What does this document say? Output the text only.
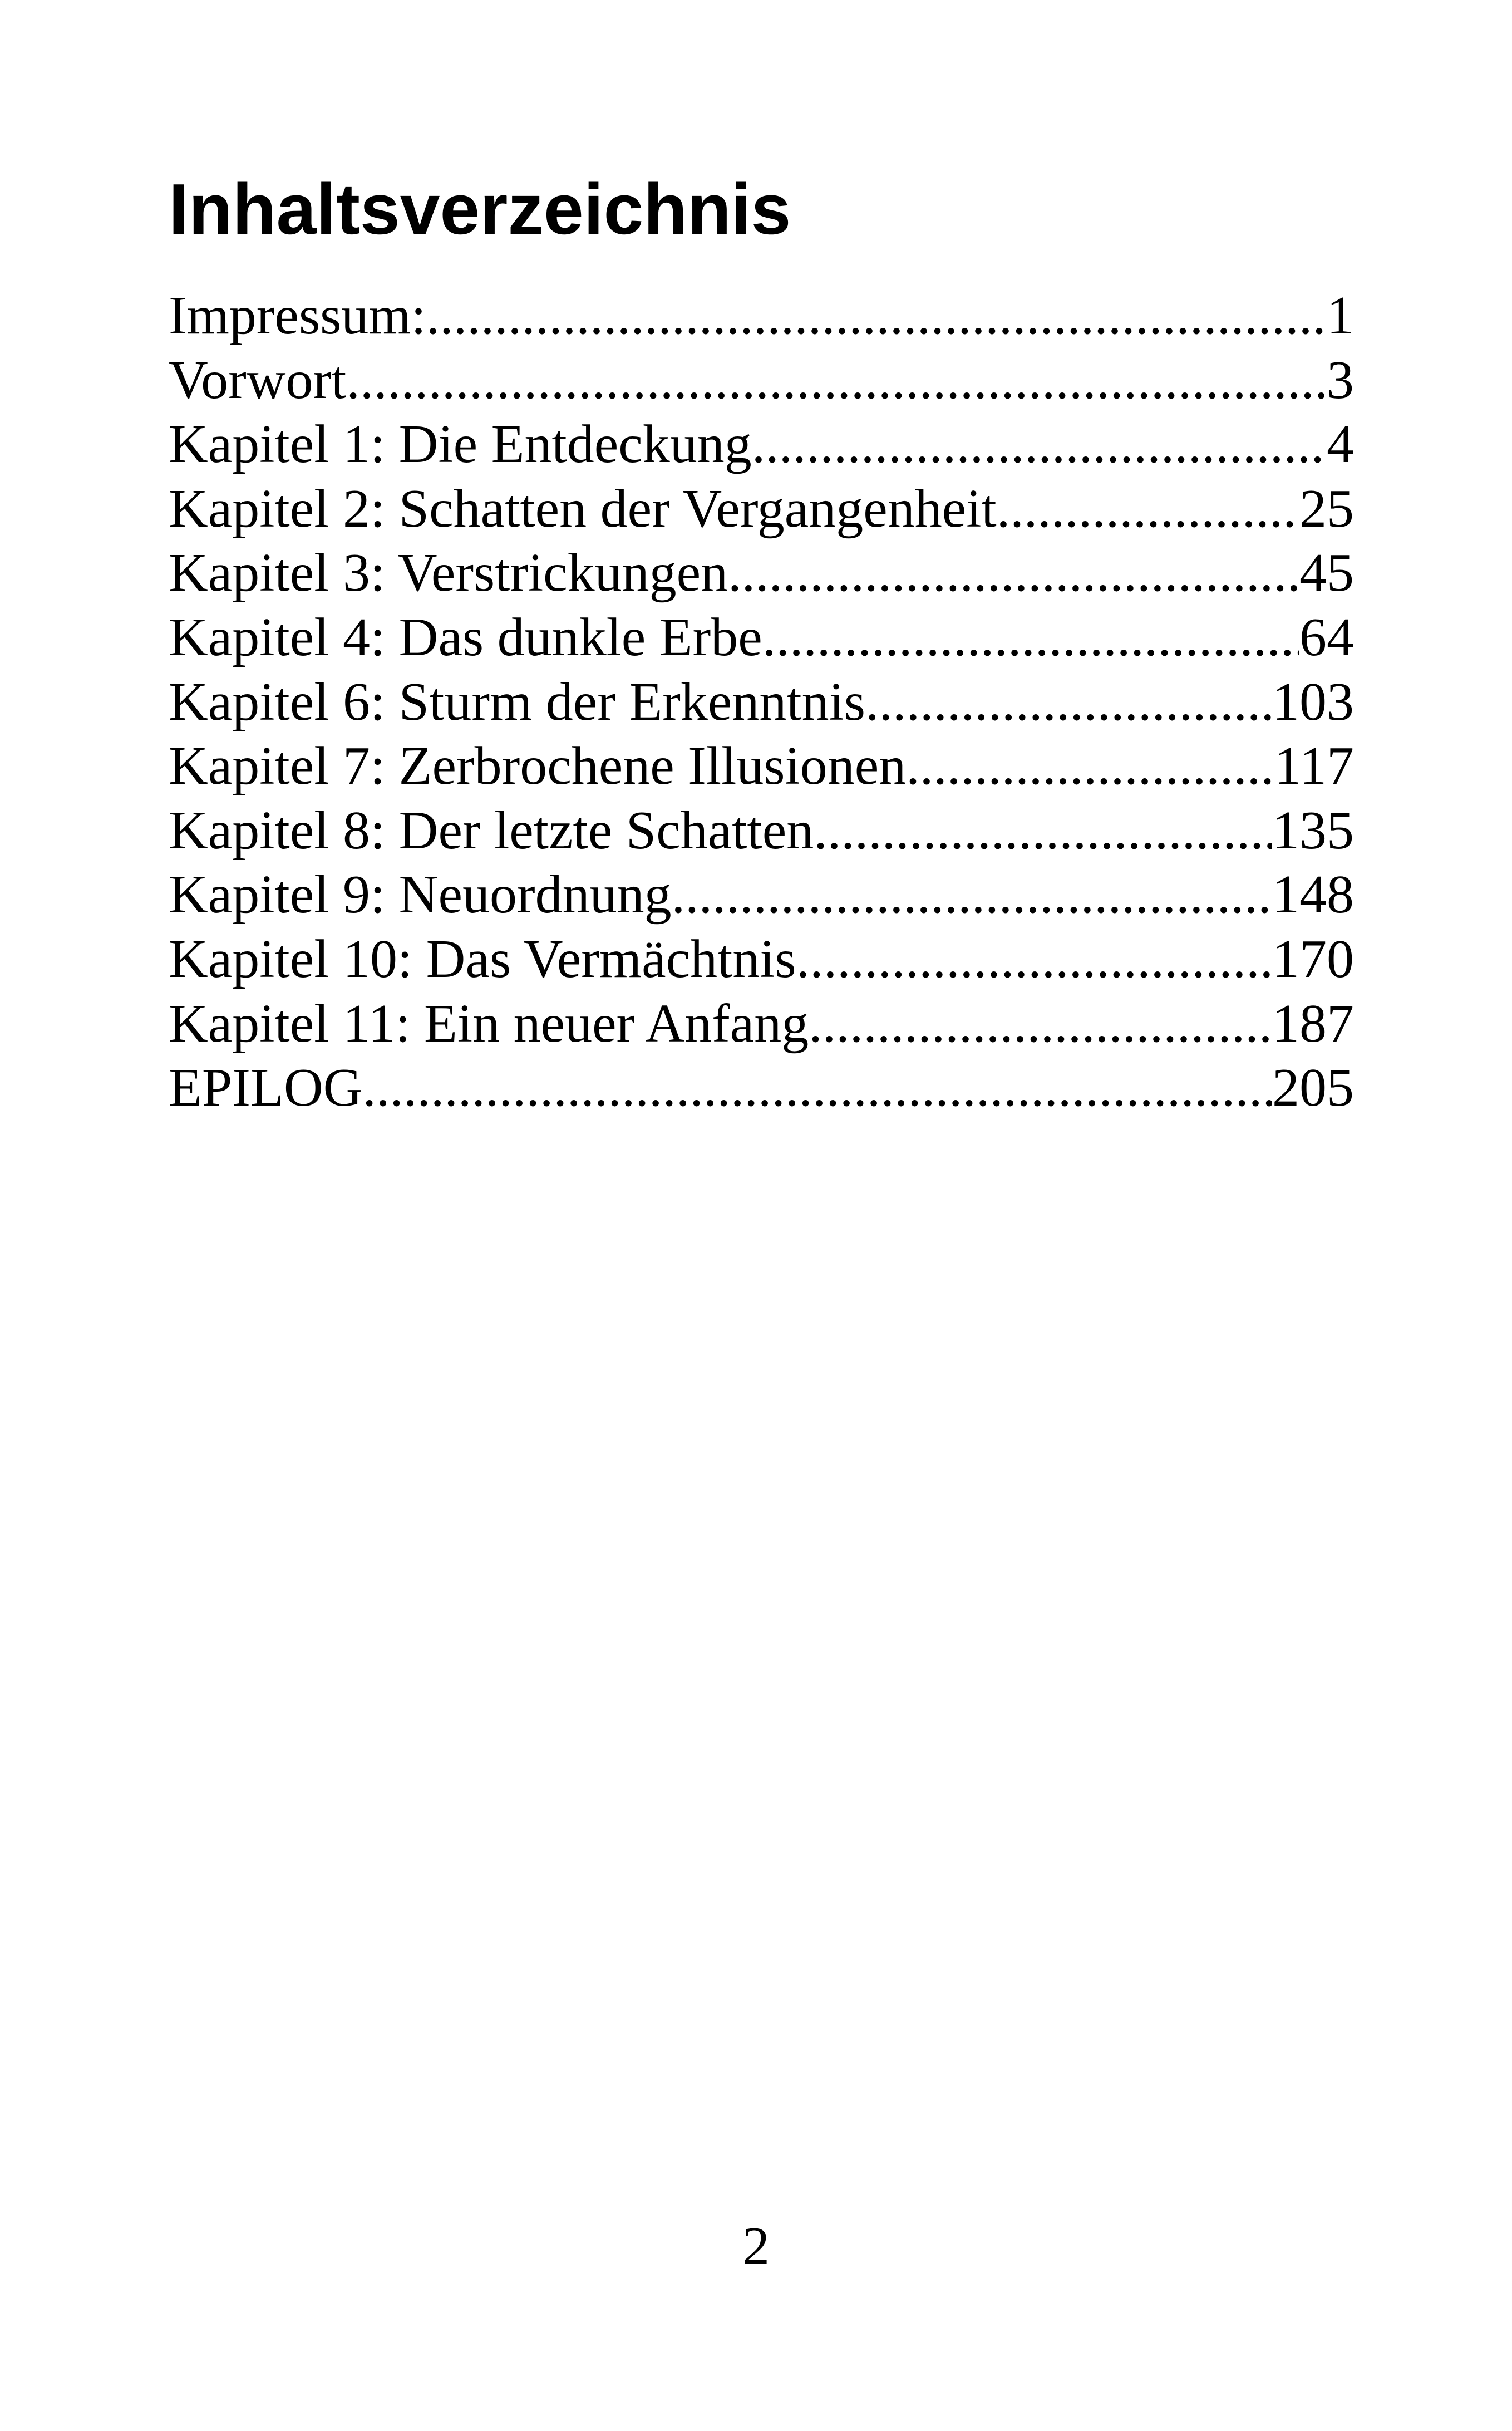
Inhaltsverzeichnis
Impressum: .....	1
Vorwort .....	3
Kapitel 1: Die Entdeckung .....	4
Kapitel 2: Schatten der Vergangenheit .....	25
Kapitel 3: Verstrickungen .....	45
Kapitel 4: Das dunkle Erbe .....	64
Kapitel 6: Sturm der Erkenntnis .....	103
Kapitel 7: Zerbrochene Illusionen .....	117
Kapitel 8: Der letzte Schatten .....	135
Kapitel 9: Neuordnung .....	148
Kapitel 10: Das Vermächtnis .....	170
Kapitel 11: Ein neuer Anfang .....	187
EPILOG .....	205
2
